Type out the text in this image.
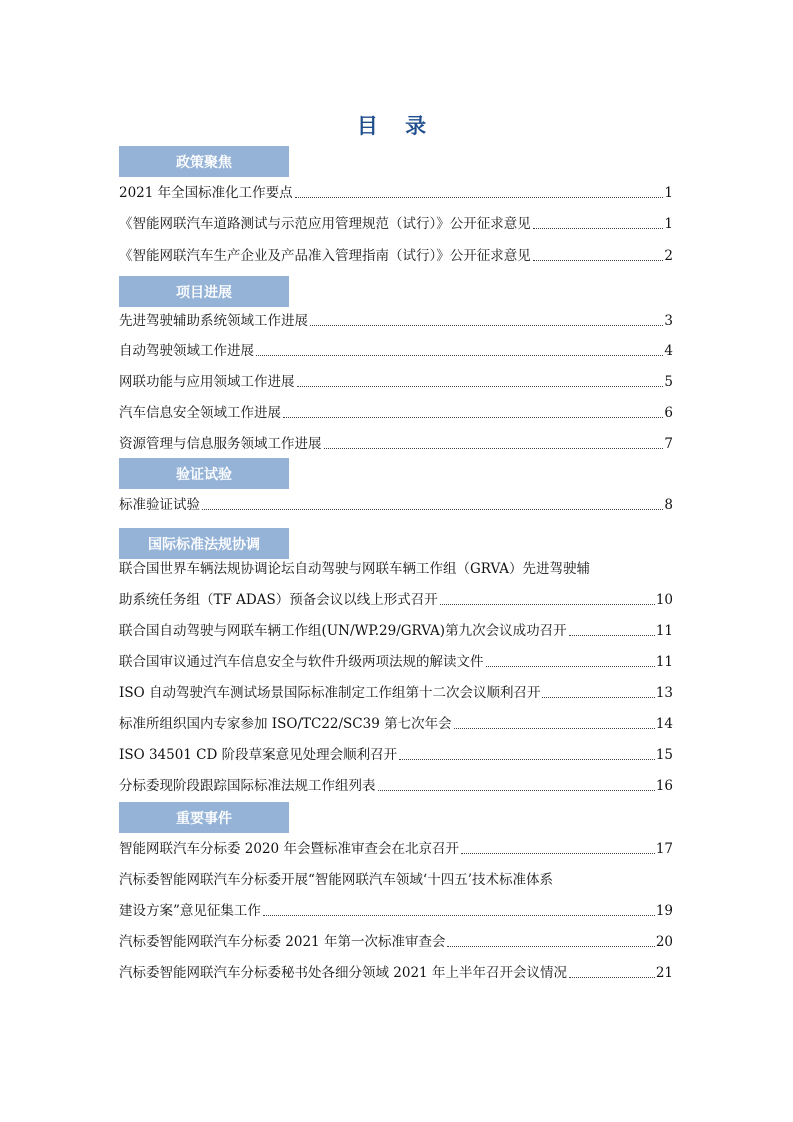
目 录
政策聚焦
2021 年全国标准化工作要点	1
《智能网联汽车道路测试与示范应用管理规范（试行）》公开征求意见	1
《智能网联汽车生产企业及产品准入管理指南（试行）》公开征求意见	2
项目进展
先进驾驶辅助系统领域工作进展	3
自动驾驶领域工作进展	4
网联功能与应用领域工作进展	5
汽车信息安全领域工作进展	6
资源管理与信息服务领域工作进展	7
验证试验
标准验证试验	8
国际标准法规协调
联合国世界车辆法规协调论坛自动驾驶与网联车辆工作组（GRVA）先进驾驶辅
助系统任务组（TF ADAS）预备会议以线上形式召开	10
联合国自动驾驶与网联车辆工作组(UN/WP.29/GRVA)第九次会议成功召开	11
联合国审议通过汽车信息安全与软件升级两项法规的解读文件	11
ISO 自动驾驶汽车测试场景国际标准制定工作组第十二次会议顺利召开	13
标准所组织国内专家参加 ISO/TC22/SC39 第七次年会	14
ISO 34501 CD 阶段草案意见处理会顺利召开	15
分标委现阶段跟踪国际标准法规工作组列表	16
重要事件
智能网联汽车分标委 2020 年会暨标准审查会在北京召开	17
汽标委智能网联汽车分标委开展“智能网联汽车领域‘十四五’技术标准体系
建设方案”意见征集工作	19
汽标委智能网联汽车分标委 2021 年第一次标准审查会	20
汽标委智能网联汽车分标委秘书处各细分领域 2021 年上半年召开会议情况	21
